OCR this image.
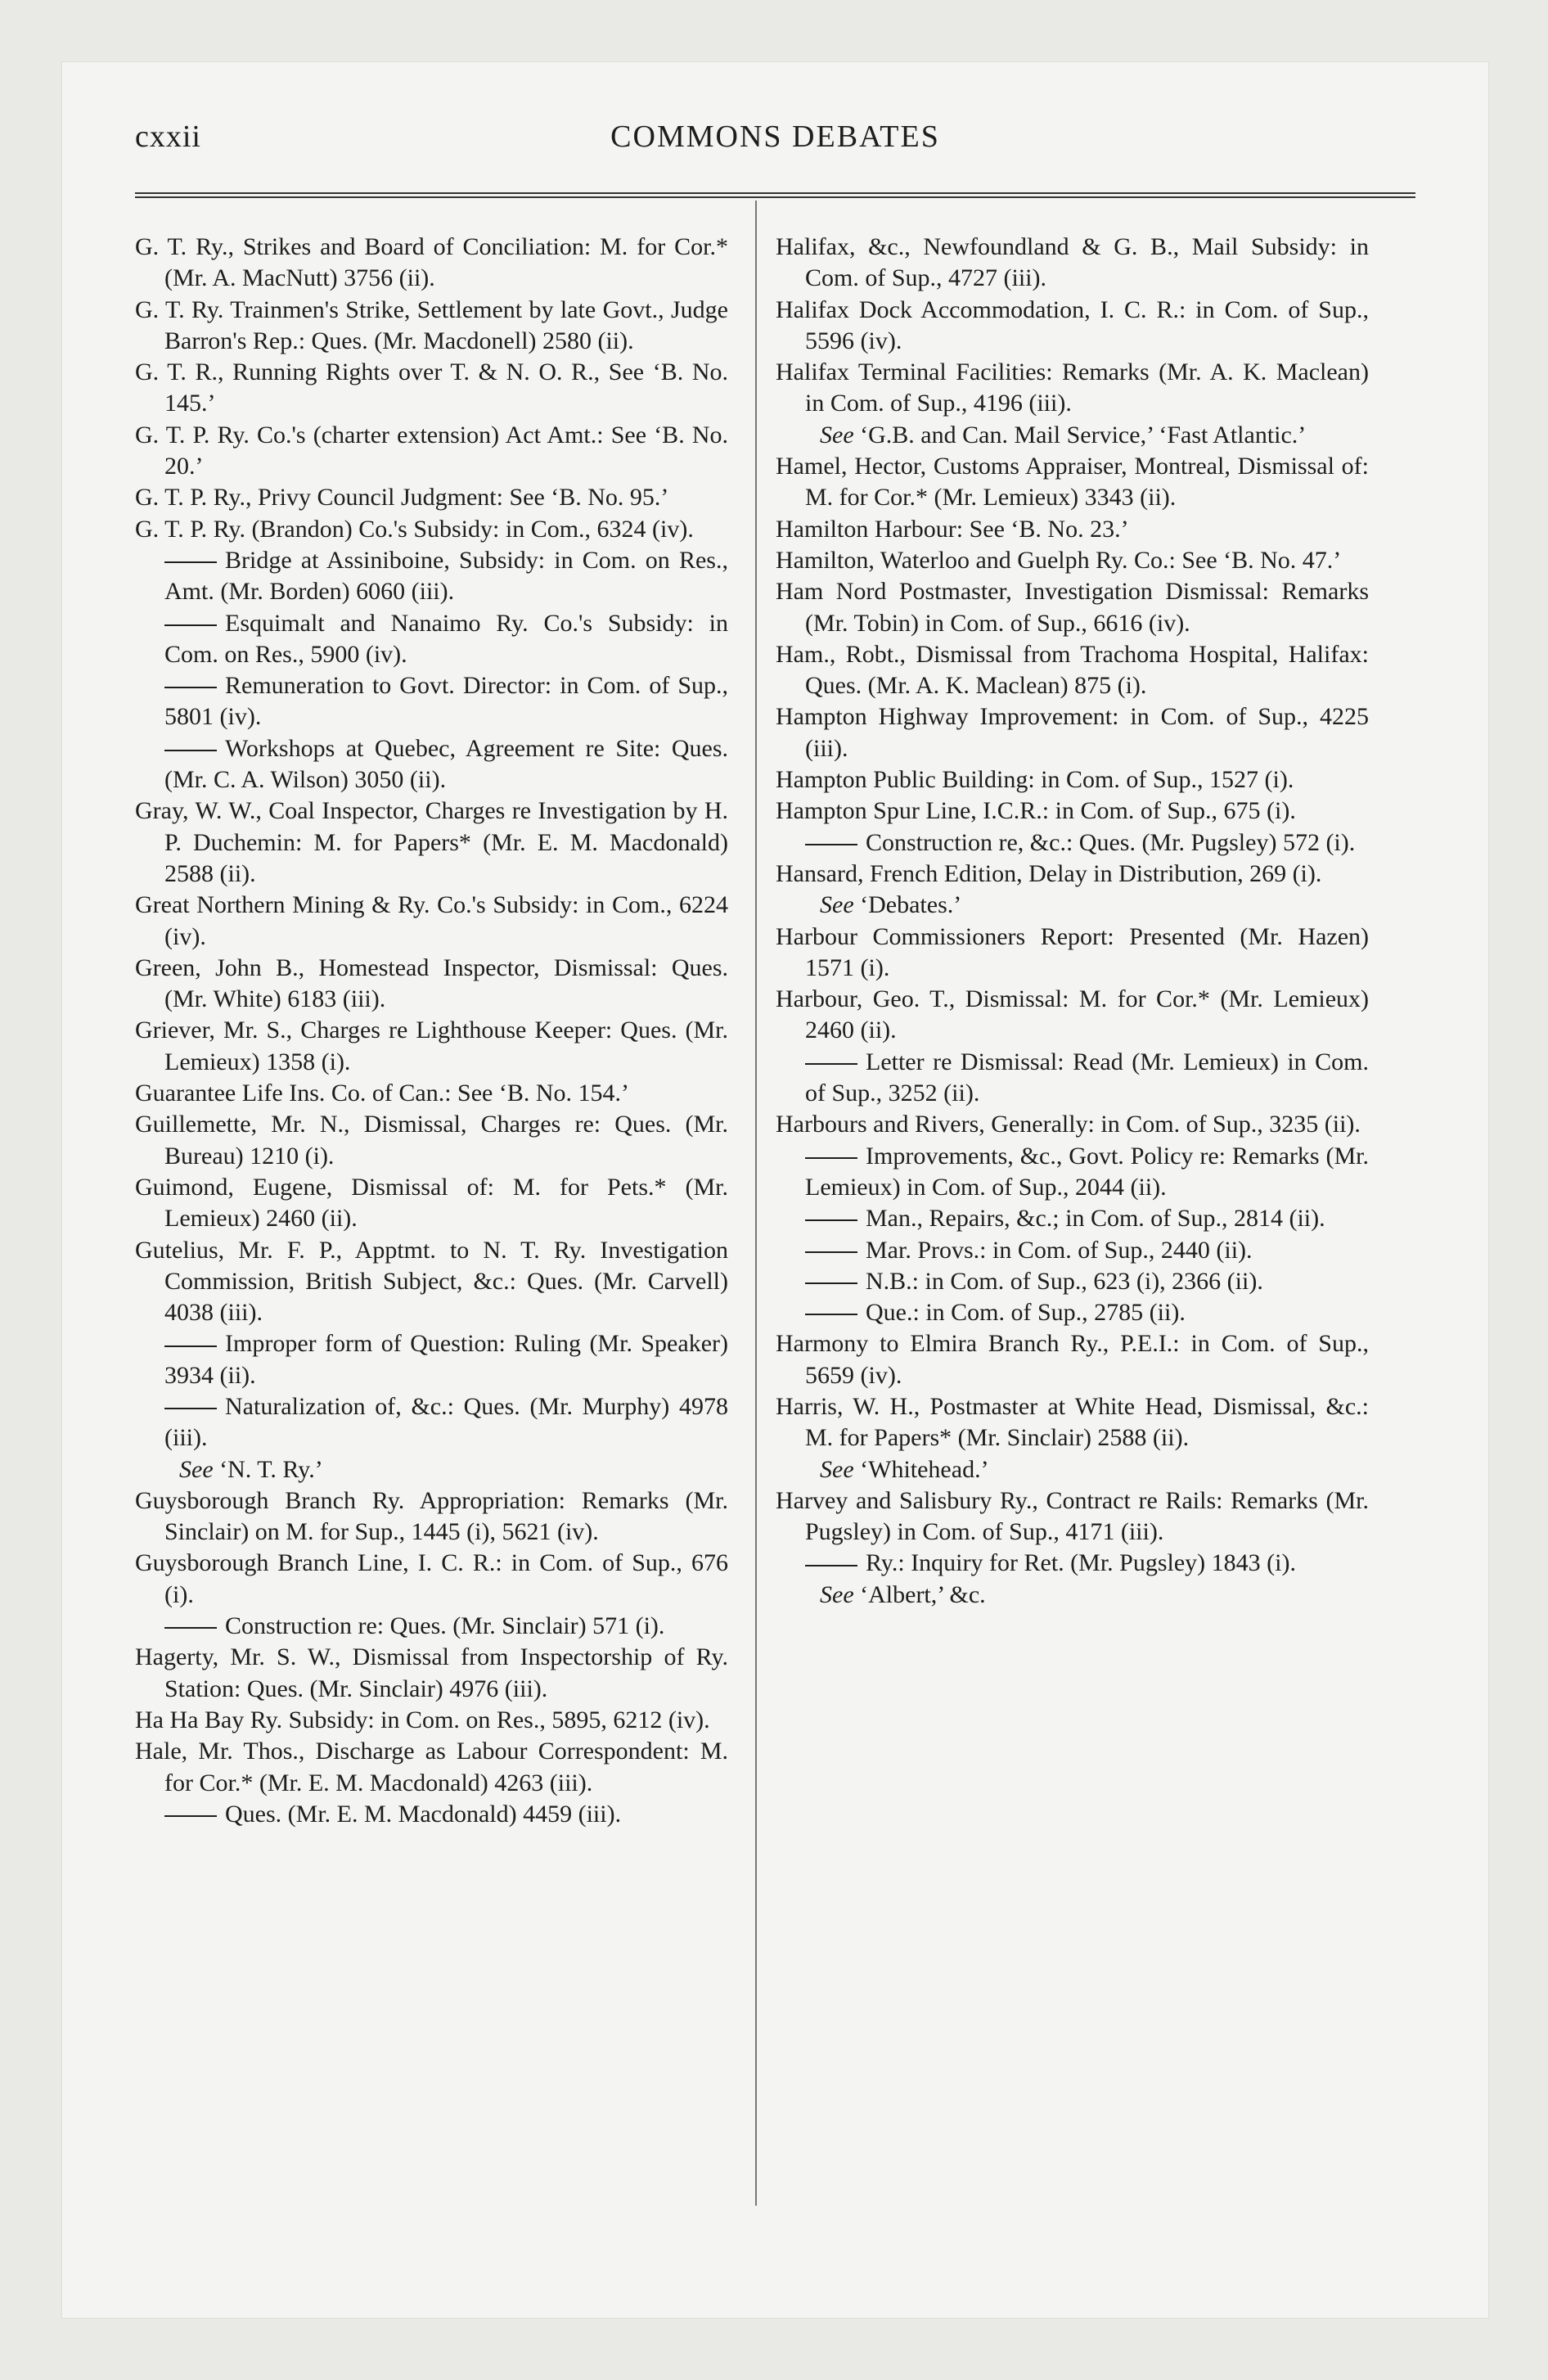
cxxii	COMMONS DEBATES
G. T. Ry., Strikes and Board of Conciliation: M. for Cor.* (Mr. A. MacNutt) 3756 (ii).
G. T. Ry. Trainmen's Strike, Settlement by late Govt., Judge Barron's Rep.: Ques. (Mr. Macdonell) 2580 (ii).
G. T. R., Running Rights over T. & N. O. R., See ‘B. No. 145.’
G. T. P. Ry. Co.'s (charter extension) Act Amt.: See ‘B. No. 20.’
G. T. P. Ry., Privy Council Judgment: See ‘B. No. 95.’
G. T. P. Ry. (Brandon) Co.'s Subsidy: in Com., 6324 (iv).
Bridge at Assiniboine, Subsidy: in Com. on Res., Amt. (Mr. Borden) 6060 (iii).
Esquimalt and Nanaimo Ry. Co.'s Subsidy: in Com. on Res., 5900 (iv).
Remuneration to Govt. Director: in Com. of Sup., 5801 (iv).
Workshops at Quebec, Agreement re Site: Ques. (Mr. C. A. Wilson) 3050 (ii).
Gray, W. W., Coal Inspector, Charges re Investigation by H. P. Duchemin: M. for Papers* (Mr. E. M. Macdonald) 2588 (ii).
Great Northern Mining & Ry. Co.'s Subsidy: in Com., 6224 (iv).
Green, John B., Homestead Inspector, Dismissal: Ques. (Mr. White) 6183 (iii).
Griever, Mr. S., Charges re Lighthouse Keeper: Ques. (Mr. Lemieux) 1358 (i).
Guarantee Life Ins. Co. of Can.: See ‘B. No. 154.’
Guillemette, Mr. N., Dismissal, Charges re: Ques. (Mr. Bureau) 1210 (i).
Guimond, Eugene, Dismissal of: M. for Pets.* (Mr. Lemieux) 2460 (ii).
Gutelius, Mr. F. P., Apptmt. to N. T. Ry. Investigation Commission, British Subject, &c.: Ques. (Mr. Carvell) 4038 (iii).
Improper form of Question: Ruling (Mr. Speaker) 3934 (ii).
Naturalization of, &c.: Ques. (Mr. Murphy) 4978 (iii).
See ‘N. T. Ry.’
Guysborough Branch Ry. Appropriation: Remarks (Mr. Sinclair) on M. for Sup., 1445 (i), 5621 (iv).
Guysborough Branch Line, I. C. R.: in Com. of Sup., 676 (i).
Construction re: Ques. (Mr. Sinclair) 571 (i).
Hagerty, Mr. S. W., Dismissal from Inspectorship of Ry. Station: Ques. (Mr. Sinclair) 4976 (iii).
Ha Ha Bay Ry. Subsidy: in Com. on Res., 5895, 6212 (iv).
Hale, Mr. Thos., Discharge as Labour Correspondent: M. for Cor.* (Mr. E. M. Macdonald) 4263 (iii).
Ques. (Mr. E. M. Macdonald) 4459 (iii).
Halifax, &c., Newfoundland & G. B., Mail Subsidy: in Com. of Sup., 4727 (iii).
Halifax Dock Accommodation, I. C. R.: in Com. of Sup., 5596 (iv).
Halifax Terminal Facilities: Remarks (Mr. A. K. Maclean) in Com. of Sup., 4196 (iii).
See ‘G.B. and Can. Mail Service,’ ‘Fast Atlantic.’
Hamel, Hector, Customs Appraiser, Montreal, Dismissal of: M. for Cor.* (Mr. Lemieux) 3343 (ii).
Hamilton Harbour: See ‘B. No. 23.’
Hamilton, Waterloo and Guelph Ry. Co.: See ‘B. No. 47.’
Ham Nord Postmaster, Investigation Dismissal: Remarks (Mr. Tobin) in Com. of Sup., 6616 (iv).
Ham., Robt., Dismissal from Trachoma Hospital, Halifax: Ques. (Mr. A. K. Maclean) 875 (i).
Hampton Highway Improvement: in Com. of Sup., 4225 (iii).
Hampton Public Building: in Com. of Sup., 1527 (i).
Hampton Spur Line, I.C.R.: in Com. of Sup., 675 (i).
Construction re, &c.: Ques. (Mr. Pugsley) 572 (i).
Hansard, French Edition, Delay in Distribution, 269 (i).
See ‘Debates.’
Harbour Commissioners Report: Presented (Mr. Hazen) 1571 (i).
Harbour, Geo. T., Dismissal: M. for Cor.* (Mr. Lemieux) 2460 (ii).
Letter re Dismissal: Read (Mr. Lemieux) in Com. of Sup., 3252 (ii).
Harbours and Rivers, Generally: in Com. of Sup., 3235 (ii).
Improvements, &c., Govt. Policy re: Remarks (Mr. Lemieux) in Com. of Sup., 2044 (ii).
Man., Repairs, &c.; in Com. of Sup., 2814 (ii).
Mar. Provs.: in Com. of Sup., 2440 (ii).
N.B.: in Com. of Sup., 623 (i), 2366 (ii).
Que.: in Com. of Sup., 2785 (ii).
Harmony to Elmira Branch Ry., P.E.I.: in Com. of Sup., 5659 (iv).
Harris, W. H., Postmaster at White Head, Dismissal, &c.: M. for Papers* (Mr. Sinclair) 2588 (ii).
See ‘Whitehead.’
Harvey and Salisbury Ry., Contract re Rails: Remarks (Mr. Pugsley) in Com. of Sup., 4171 (iii).
Ry.: Inquiry for Ret. (Mr. Pugsley) 1843 (i).
See ‘Albert,’ &c.
